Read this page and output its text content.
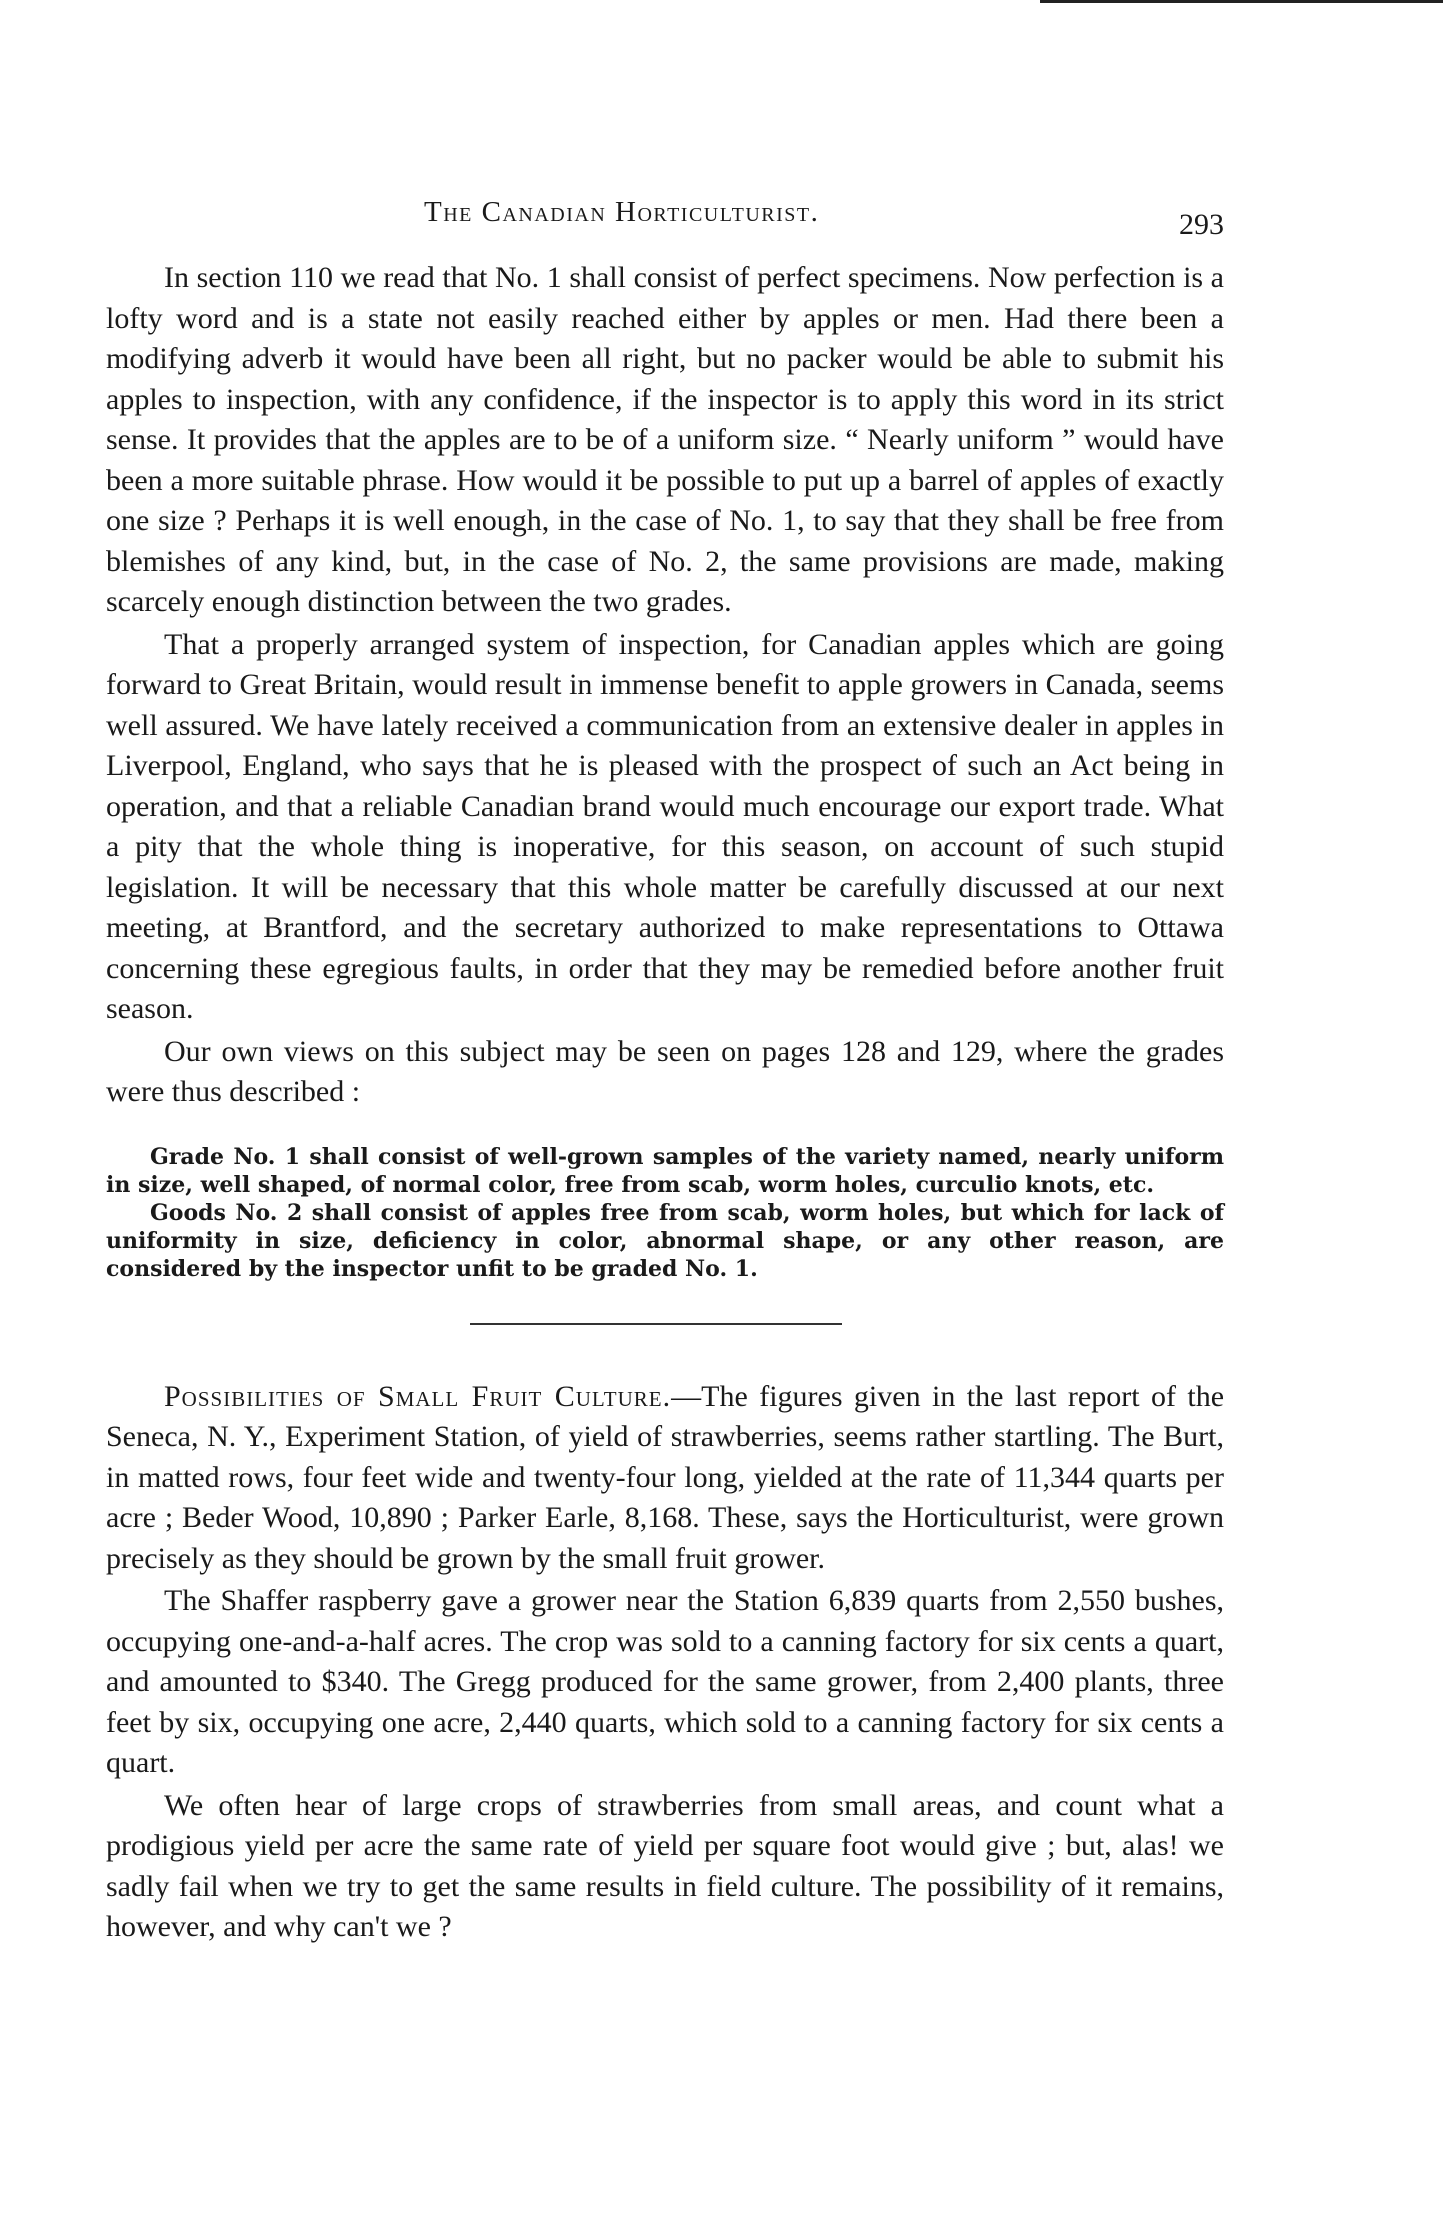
The Canadian Horticulturist.	293

In section 110 we read that No. 1 shall consist of perfect specimens. Now perfection is a lofty word and is a state not easily reached either by apples or men. Had there been a modifying adverb it would have been all right, but no packer would be able to submit his apples to inspection, with any confidence, if the inspector is to apply this word in its strict sense. It provides that the apples are to be of a uniform size. “ Nearly uniform ” would have been a more suitable phrase. How would it be possible to put up a barrel of apples of exactly one size ? Perhaps it is well enough, in the case of No. 1, to say that they shall be free from blemishes of any kind, but, in the case of No. 2, the same provisions are made, making scarcely enough distinction between the two grades.

That a properly arranged system of inspection, for Canadian apples which are going forward to Great Britain, would result in immense benefit to apple growers in Canada, seems well assured. We have lately received a communication from an extensive dealer in apples in Liverpool, England, who says that he is pleased with the prospect of such an Act being in operation, and that a reliable Canadian brand would much encourage our export trade. What a pity that the whole thing is inoperative, for this season, on account of such stupid legislation. It will be necessary that this whole matter be carefully discussed at our next meeting, at Brantford, and the secretary authorized to make representations to Ottawa concerning these egregious faults, in order that they may be remedied before another fruit season.

Our own views on this subject may be seen on pages 128 and 129, where the grades were thus described :

Grade No. 1 shall consist of well-grown samples of the variety named, nearly uniform in size, well shaped, of normal color, free from scab, worm holes, curculio knots, etc.

Goods No. 2 shall consist of apples free from scab, worm holes, but which for lack of uniformity in size, deficiency in color, abnormal shape, or any other reason, are considered by the inspector unfit to be graded No. 1.

Possibilities of Small Fruit Culture.—The figures given in the last report of the Seneca, N. Y., Experiment Station, of yield of strawberries, seems rather startling. The Burt, in matted rows, four feet wide and twenty-four long, yielded at the rate of 11,344 quarts per acre ; Beder Wood, 10,890 ; Parker Earle, 8,168. These, says the Horticulturist, were grown precisely as they should be grown by the small fruit grower.

The Shaffer raspberry gave a grower near the Station 6,839 quarts from 2,550 bushes, occupying one-and-a-half acres. The crop was sold to a canning factory for six cents a quart, and amounted to $340. The Gregg produced for the same grower, from 2,400 plants, three feet by six, occupying one acre, 2,440 quarts, which sold to a canning factory for six cents a quart.

We often hear of large crops of strawberries from small areas, and count what a prodigious yield per acre the same rate of yield per square foot would give ; but, alas! we sadly fail when we try to get the same results in field culture. The possibility of it remains, however, and why can't we ?
